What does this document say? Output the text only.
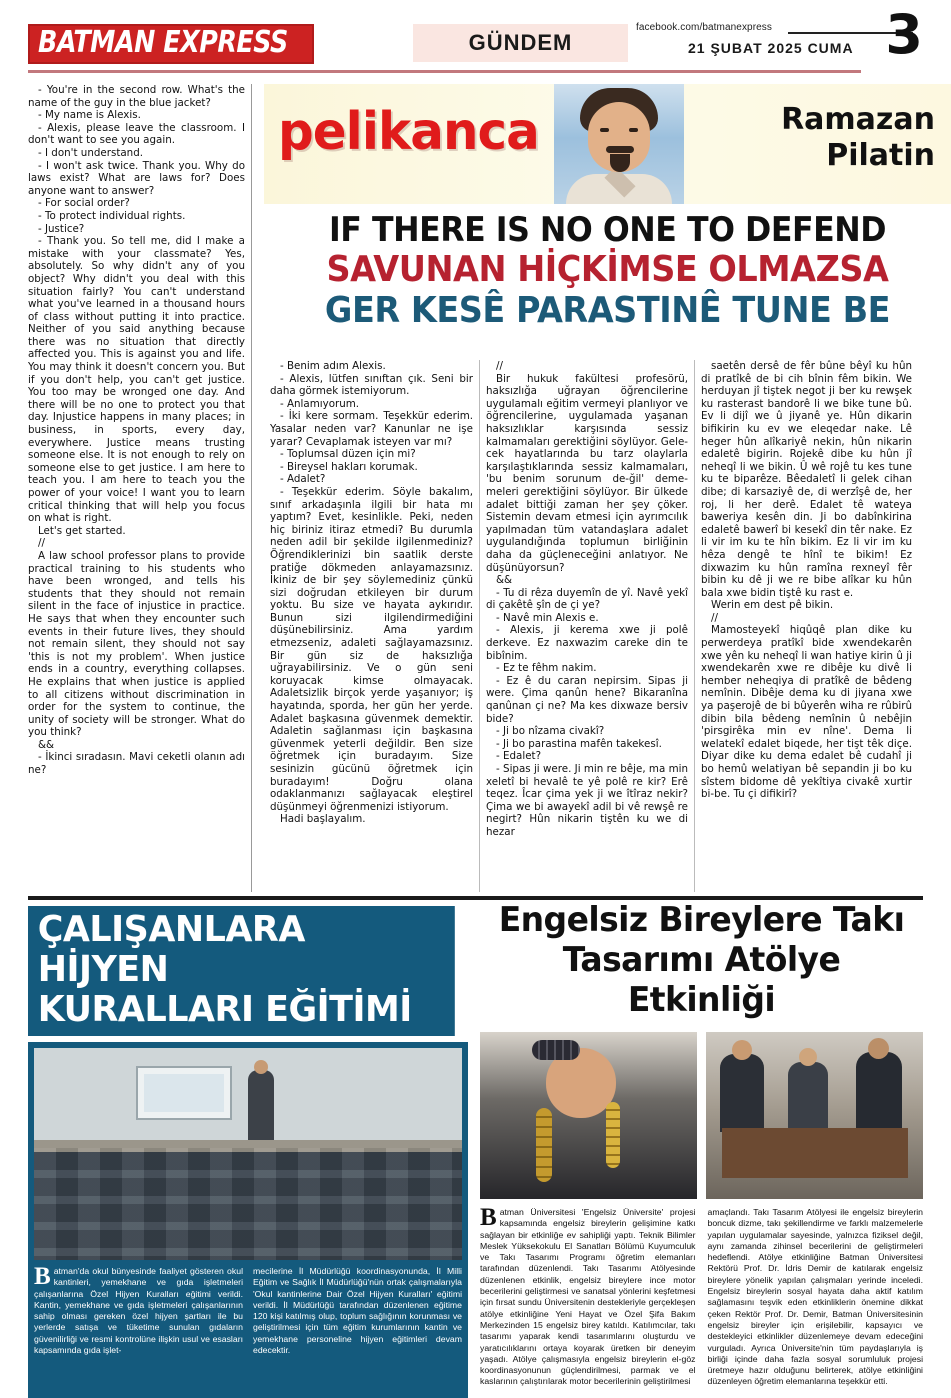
BATMAN EXPRESS	GÜNDEM
facebook.com/batmanexpress
21 ŞUBAT 2025 CUMA 3

- You're in the second row. What's the name of the guy in the blue jacket?

- My name is Alexis.

- Alexis, please leave the classroom. I don't want to see you again.

- I don't understand.

- I won't ask twice. Thank you. Why do laws exist? What are laws for? Does anyone want to answer?

- For social order?

- To protect individual rights.

- Justice?

- Thank you. So tell me, did I make a mistake with your classmate? Yes, absolutely. So why didn't any of you object? Why didn't you deal with this situation fairly? You can't understand what you've learned in a thousand hours of class without putting it into practice. Neither of you said anything because there was no situation that directly affected you. This is against you and life. You may think it doesn't concern you. But if you don't help, you can't get justice. You too may be wronged one day. And there will be no one to protect you that day. Injustice happens in many places; in business, in sports, every day, everywhere. Justice means trusting someone else. It is not enough to rely on someone else to get justice. I am here to teach you. I am here to teach you the power of your voice! I want you to learn critical thinking that will help you focus on what is right.

Let's get started.

//

A law school professor plans to provide practical training to his students who have been wronged, and tells his students that they should not remain silent in the face of injustice in practice. He says that when they encounter such events in their future lives, they should not remain silent, they should not say 'this is not my problem'. When justice ends in a country, everything collapses. He explains that when justice is applied to all citizens without discrimination in order for the system to continue, the unity of society will be stronger. What do you think?

&&

- İkinci sıradasın. Mavi ceketli olanın adı ne?

pelikanca	Ramazan
Pilatin
IF THERE IS NO ONE TO DEFEND
SAVUNAN HİÇKİMSE OLMAZSA
GER KESÊ PARASTINÊ TUNE BE

- Benim adım Alexis.

- Alexis, lütfen sınıftan çık. Seni bir daha görmek istemiyorum.

- Anlamıyorum.

- İki kere sormam. Teşekkür ederim. Yasalar neden var? Kanunlar ne işe yarar? Cevaplamak isteyen var mı?

- Toplumsal düzen için mi?

- Bireysel hakları korumak.

- Adalet?

- Teşekkür ederim. Söyle bakalım, sınıf arkadaşınla ilgili bir hata mı yaptım? Evet, kesinlikle. Peki, neden hiç biriniz itiraz etmedi? Bu durumla neden adil bir şekilde ilgilenmediniz? Öğrendiklerinizi bin saatlik derste pratiğe dökmeden anlayamazsınız. İkiniz de bir şey söylemediniz çünkü sizi doğrudan etkileyen bir durum yoktu. Bu size ve hayata aykırıdır. Bunun sizi ilgilendirmediğini düşünebilirsiniz. Ama yardım etmezseniz, adaleti sağlayamazsınız. Bir gün siz de haksızlığa uğrayabilirsiniz. Ve o gün seni koruyacak kimse olmayacak. Adaletsizlik birçok yerde yaşanıyor; iş hayatında, sporda, her gün her yerde. Adalet başkasına güvenmek demektir. Adaletin sağlanması için başkasına güvenmek yeterli değildir. Ben size öğretmek için buradayım. Size sesinizin gücünü öğretmek için buradayım! Doğru olana odaklanmanızı sağlayacak eleştirel düşünmeyi öğrenmenizi istiyorum.

Hadi başlayalım.

//

Bir hukuk fakültesi profesörü, haksızlığa uğrayan öğrencilerine uygulamalı eğitim vermeyi planlıyor ve öğrencilerine, uygulamada yaşanan haksızlıklar karşısında sessiz kalmamaları gerektiğini söylüyor. Gele-cek hayatlarında bu tarz olaylarla karşılaştıklarında sessiz kalmamaları, 'bu benim sorunum de-ğil' deme-meleri gerektiğini söylüyor. Bir ülkede adalet bittiği zaman her şey çöker. Sistemin devam etmesi için ayrımcılık yapılmadan tüm vatandaşlara adalet uygulandığında toplumun birliğinin daha da güçleneceğini anlatıyor. Ne düşünüyorsun?

&&

- Tu di rêza duyemîn de yî. Navê yekî di çakêtê şîn de çi ye?

- Navê min Alexis e.

- Alexis, ji kerema xwe ji polê derkeve. Ez naxwazim careke din te bibînim.

- Ez te fêhm nakim.

- Ez ê du caran nepirsim. Sipas ji were. Çima qanûn hene? Bikaranîna qanûnan çi ne? Ma kes dixwaze bersiv bide?

- Ji bo nîzama civakî?

- Ji bo parastina mafên takekesî.

- Edalet?

- Sipas ji were. Ji min re bêje, ma min xeletî bi hevalê te yê polê re kir? Erê teqez. Îcar çima yek ji we îtîraz nekir? Çima we bi awayekî adil bi vê rewşê re negirt? Hûn nikarin tiştên ku we di hezar

saetên dersê de fêr bûne bêyî ku hûn di pratîkê de bi cih bînin fêm bikin. We herduyan jî tiştek negot ji ber ku rewşek ku rasterast bandorê li we bike tune bû. Ev li dijî we û jiyanê ye. Hûn dikarin bifikirin ku ev we eleqedar nake. Lê heger hûn alîkariyê nekin, hûn nikarin edaletê bigirin. Rojekê dibe ku hûn jî neheqî li we bikin. Û wê rojê tu kes tune ku te biparêze. Bêedaletî li gelek cihan dibe; di karsaziyê de, di werzîşê de, her roj, li her derê. Edalet tê wateya baweriya kesên din. Ji bo dabînkirina edaletê bawerî bi kesekî din têr nake. Ez li vir im ku te hîn bikim. Ez li vir im ku hêza dengê te hînî te bikim! Ez dixwazim ku hûn ramîna rexneyî fêr bibin ku dê ji we re bibe alîkar ku hûn bala xwe bidin tiştê ku rast e.

Werin em dest pê bikin.

//

Mamosteyekî hiqûqê plan dike ku perwerdeya pratîkî bide xwendekarên xwe yên ku neheqî li wan hatiye kirin û ji xwendekarên xwe re dibêje ku divê li hember neheqiya di pratîkê de bêdeng nemînin. Dibêje dema ku di jiyana xwe ya paşerojê de bi bûyerên wiha re rûbirû dibin bila bêdeng nemînin û nebêjin 'pirsgirêka min ev nîne'. Dema li welatekî edalet biqede, her tişt têk diçe. Diyar dike ku dema edalet bê cudahî ji bo hemû welatiyan bê sepandin ji bo ku sîstem bidome dê yekîtiya civakê xurtir bi-be. Tu çi difikirî?

ÇALIŞANLARA HİJYEN
KURALLARI EĞİTİMİ

Batman'da okul bünyesinde faaliyet gösteren okul kantinleri, yemekhane ve gıda işletmeleri çalışanlarına Özel Hijyen Kuralları eğitimi verildi. Kantin, yemekhane ve gıda işletmeleri çalışanlarının sahip olması gereken özel hijyen şartları ile bu yerlerde satışa ve tüketime sunulan gıdaların güvenilirliği ve resmi kontrolüne ilişkin usul ve esasları kapsamında gıda işlet-

mecilerine İl Müdürlüğü koordinasyonunda, İl Milli Eğitim ve Sağlık İl Müdürlüğü'nün ortak çalışmalarıyla 'Okul kantinlerine Dair Özel Hijyen Kuralları' eğitimi verildi. İl Müdürlüğü tarafından düzenlenen eğitime 120 kişi katılmış olup, toplum sağlığının korunması ve geliştirilmesi için tüm eğitim kurumlarının kantin ve yemekhane personeline hijyen eğitimleri devam edecektir.

Engelsiz Bireylere Takı
Tasarımı Atölye Etkinliği

Batman Üniversitesi 'Engelsiz Üniversite' projesi kapsamında engelsiz bireylerin gelişimine katkı sağlayan bir etkinliğe ev sahipliği yaptı. Teknik Bilimler Meslek Yüksekokulu El Sanatları Bölümü Kuyumculuk ve Takı Tasarımı Programı öğretim elemanları tarafından düzenlendi. Takı Tasarımı Atölyesinde düzenlenen etkinlik, engelsiz bireylere ince motor becerilerini geliştirmesi ve sanatsal yönlerini keşfetmesi için fırsat sundu Üniversitenin destekleriyle gerçekleşen atölye etkinliğine Yeni Hayat ve Özel Şifa Bakım Merkezinden 15 engelsiz birey katıldı. Katılımcılar, takı tasarımı yaparak kendi tasarımlarını oluşturdu ve yaratıcılıklarını ortaya koyarak üretken bir deneyim yaşadı. Atölye çalışmasıyla engelsiz bireylerin el-göz koordinasyonunun güçlendirilmesi, parmak ve el kaslarının çalıştırılarak motor becerilerinin geliştirilmesi

amaçlandı. Takı Tasarım Atölyesi ile engelsiz bireylerin boncuk dizme, takı şekillendirme ve farklı malzemelerle yapılan uygulamalar sayesinde, yalnızca fiziksel değil, aynı zamanda zihinsel becerilerini de geliştirmeleri hedeflendi. Atölye etkinliğine Batman Üniversitesi Rektörü Prof. Dr. İdris Demir de katılarak engelsiz bireylere yönelik yapılan çalışmaları yerinde inceledi. Engelsiz bireylerin sosyal hayata daha aktif katılım sağlamasını teşvik eden etkinliklerin önemine dikkat çeken Rektör Prof. Dr. Demir, Batman Üniversitesinin engelsiz bireyler için erişilebilir, kapsayıcı ve destekleyici etkinlikler düzenlemeye devam edeceğini vurguladı. Ayrıca Üniversite'nin tüm paydaşlarıyla iş birliği içinde daha fazla sosyal sorumluluk projesi üretmeye hazır olduğunu belirterek, atölye etkinliğini düzenleyen öğretim elemanlarına teşekkür etti.
